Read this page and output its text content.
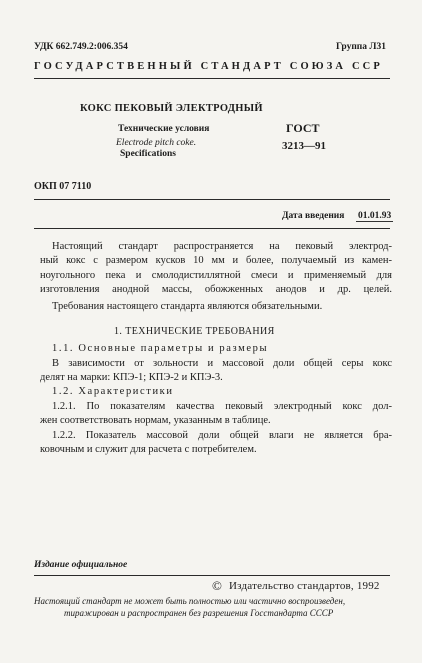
УДК 662.749.2:006.354	Группа Л31
ГОСУДАРСТВЕННЫЙ СТАНДАРТ СОЮЗА ССР
КОКС ПЕКОВЫЙ ЭЛЕКТРОДНЫЙ
Технические условия
Electrode pitch coke.
Specifications
ГОСТ
3213—91
ОКП 07 7110
Дата введения 01.01.93
Настоящий стандарт распространяется на пековый электрод-
ный кокс с размером кусков 10 мм и более, получаемый из камен-
ноугольного пека и смолодистиллятной смеси и применяемый для
изготовления анодной массы, обожженных анодов и др. целей.
Требования настоящего стандарта являются обязательными.
1. ТЕХНИЧЕСКИЕ ТРЕБОВАНИЯ
1.1. Основные параметры и размеры
В зависимости от зольности и массовой доли общей серы кокс
делят на марки: КПЭ-1; КПЭ-2 и КПЭ-3.
1.2. Характеристики
1.2.1. По показателям качества пековый электродный кокс дол-
жен соответствовать нормам, указанным в таблице.
1.2.2. Показатель массовой доли общей влаги не является бра-
ковочным и служит для расчета с потребителем.
Издание официальное
© Издательство стандартов, 1992
Настоящий стандарт не может быть полностью или частично воспроизведен,
тиражирован и распространен без разрешения Госстандарта СССР
